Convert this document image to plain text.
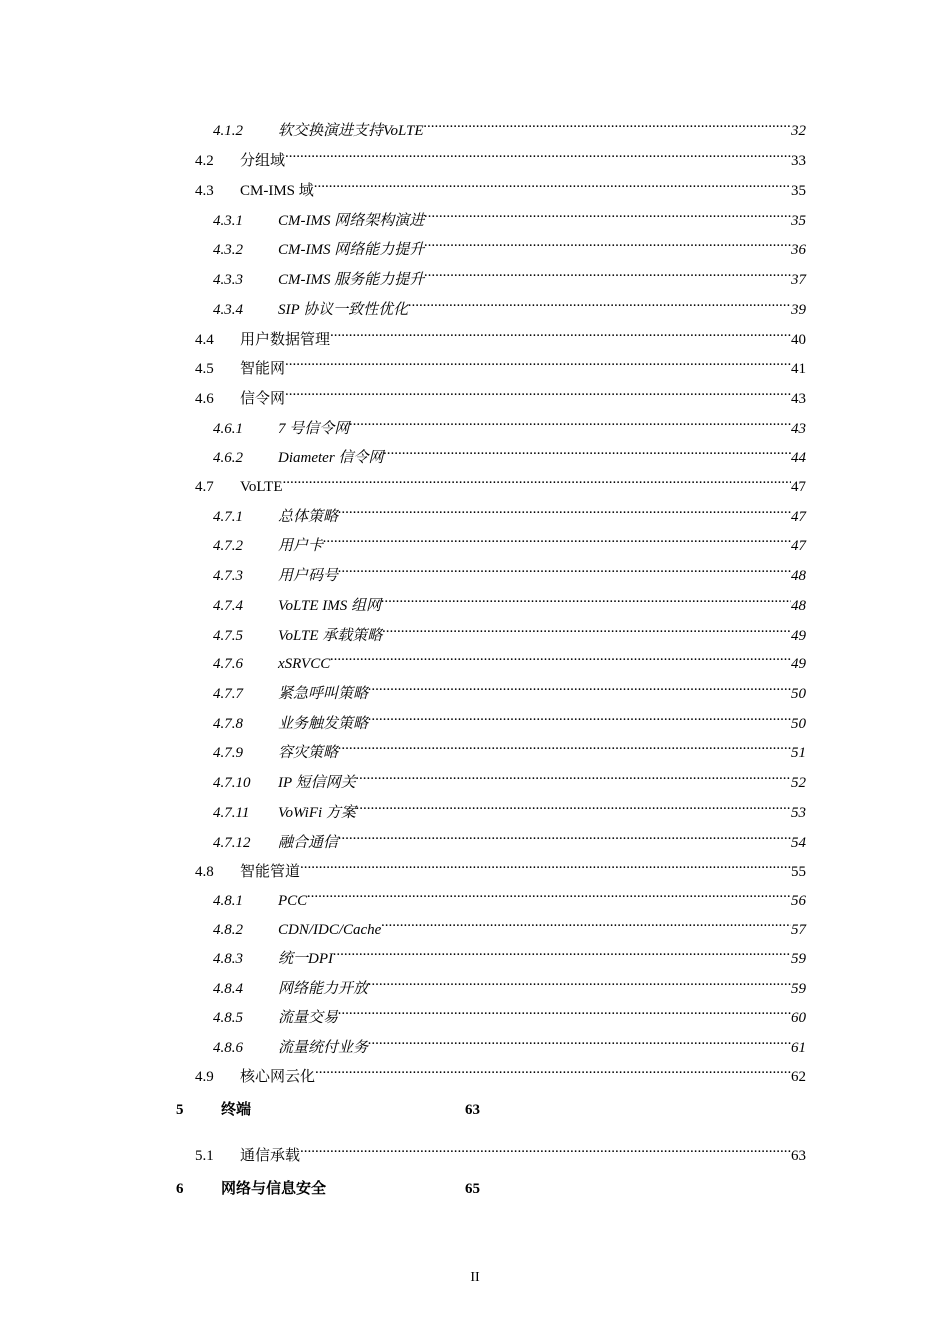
4.1.2	软交换演进支持VoLTE .....	32
4.2	分组域 .....	33
4.3	CM-IMS 域 .....	35
4.3.1	CM-IMS 网络架构演进 .....	35
4.3.2	CM-IMS 网络能力提升 .....	36
4.3.3	CM-IMS 服务能力提升 .....	37
4.3.4	SIP 协议一致性优化 .....	39
4.4	用户数据管理 .....	40
4.5	智能网 .....	41
4.6	信令网 .....	43
4.6.1	7 号信令网 .....	43
4.6.2	Diameter 信令网 .....	44
4.7	VoLTE .....	47
4.7.1	总体策略 .....	47
4.7.2	用户卡 .....	47
4.7.3	用户码号 .....	48
4.7.4	VoLTE IMS 组网 .....	48
4.7.5	VoLTE 承载策略 .....	49
4.7.6	xSRVCC .....	49
4.7.7	紧急呼叫策略 .....	50
4.7.8	业务触发策略 .....	50
4.7.9	容灾策略 .....	51
4.7.10	IP 短信网关 .....	52
4.7.11	VoWiFi 方案 .....	53
4.7.12	融合通信 .....	54
4.8	智能管道 .....	55
4.8.1	PCC .....	56
4.8.2	CDN/IDC/Cache .....	57
4.8.3	统一DPI .....	59
4.8.4	网络能力开放 .....	59
4.8.5	流量交易 .....	60
4.8.6	流量统付业务 .....	61
4.9	核心网云化 .....	62
5	终端	63
5.1	通信承载 .....	63
6	网络与信息安全	65
II
